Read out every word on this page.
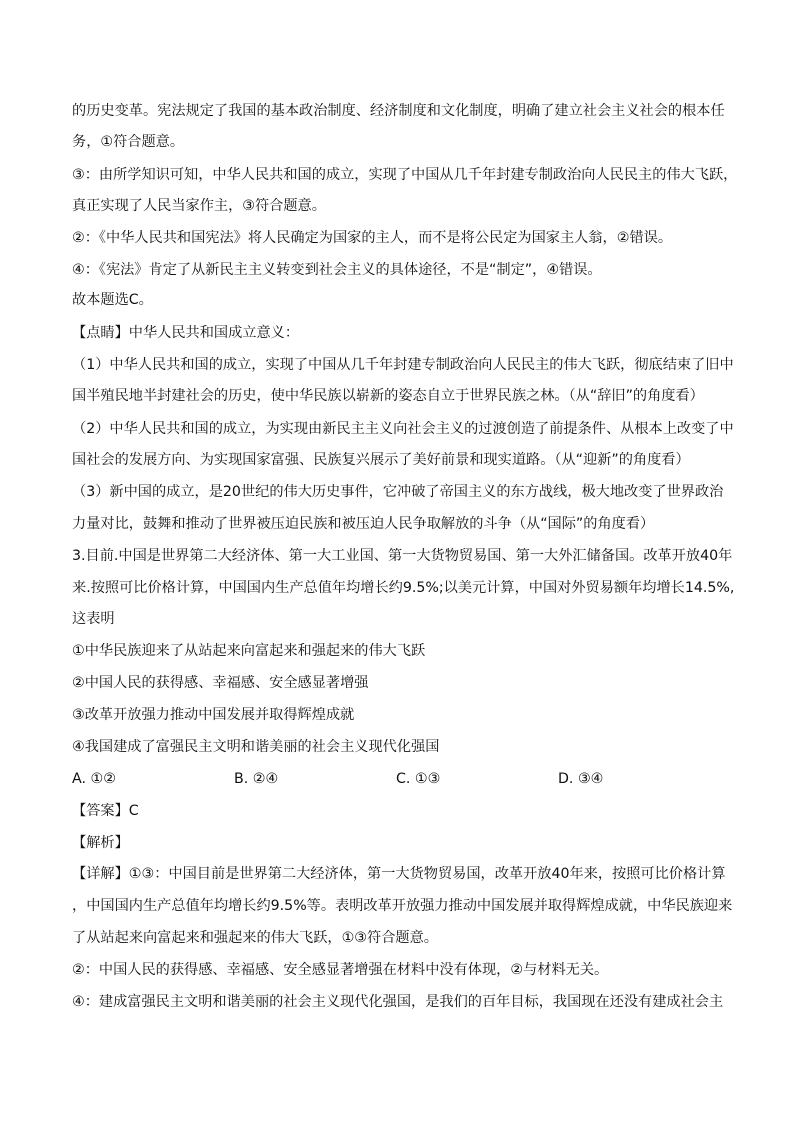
的历史变革。宪法规定了我国的基本政治制度、经济制度和文化制度，明确了建立社会主义社会的根本任
务，①符合题意。
③：由所学知识可知，中华人民共和国的成立，实现了中国从几千年封建专制政治向人民民主的伟大飞跃，
真正实现了人民当家作主，③符合题意。
②：《中华人民共和国宪法》将人民确定为国家的主人，而不是将公民定为国家主人翁，②错误。
④：《宪法》肯定了从新民主主义转变到社会主义的具体途径，不是“制定”，④错误。
故本题选C。
【点睛】中华人民共和国成立意义：
（1）中华人民共和国的成立，实现了中国从几千年封建专制政治向人民民主的伟大飞跃，彻底结束了旧中
国半殖民地半封建社会的历史，使中华民族以崭新的姿态自立于世界民族之林。（从“辞旧”的角度看）
（2）中华人民共和国的成立，为实现由新民主主义向社会主义的过渡创造了前提条件、从根本上改变了中
国社会的发展方向、为实现国家富强、民族复兴展示了美好前景和现实道路。（从“迎新”的角度看）
（3）新中国的成立，是20世纪的伟大历史事件，它冲破了帝国主义的东方战线，极大地改变了世界政治
力量对比，鼓舞和推动了世界被压迫民族和被压迫人民争取解放的斗争（从“国际”的角度看）
3.目前.中国是世界第二大经济体、第一大工业国、第一大货物贸易国、第一大外汇储备国。改革开放40年
来.按照可比价格计算，中国国内生产总值年均增长约9.5%;以美元计算，中国对外贸易额年均增长14.5%,
这表明
①中华民族迎来了从站起来向富起来和强起来的伟大飞跃
②中国人民的获得感、幸福感、安全感显著增强
③改革开放强力推动中国发展并取得辉煌成就
④我国建成了富强民主文明和谐美丽的社会主义现代化强国
A. ①②	B. ②④	C. ①③	D. ③④
【答案】C
【解析】
【详解】①③：中国目前是世界第二大经济体，第一大货物贸易国，改革开放40年来，按照可比价格计算
，中国国内生产总值年均增长约9.5%等。表明改革开放强力推动中国发展并取得辉煌成就，中华民族迎来
了从站起来向富起来和强起来的伟大飞跃，①③符合题意。
②：中国人民的获得感、幸福感、安全感显著增强在材料中没有体现，②与材料无关。
④：建成富强民主文明和谐美丽的社会主义现代化强国，是我们的百年目标，我国现在还没有建成社会主
